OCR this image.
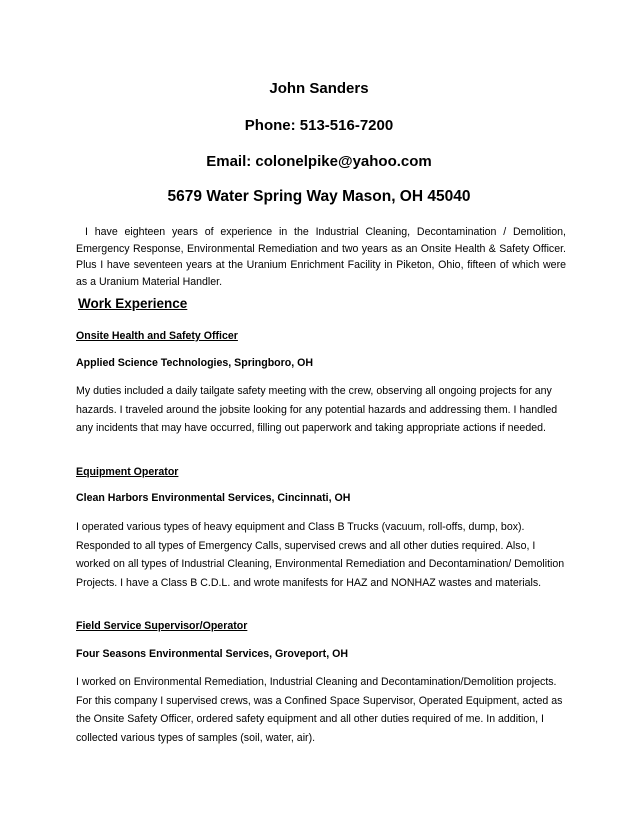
John Sanders
Phone: 513-516-7200
Email: colonelpike@yahoo.com
5679 Water Spring Way Mason, OH 45040
I have eighteen years of experience in the Industrial Cleaning, Decontamination / Demolition, Emergency Response, Environmental Remediation and two years as an Onsite Health & Safety Officer. Plus I have seventeen years at the Uranium Enrichment Facility in Piketon, Ohio, fifteen of which were as a Uranium Material Handler.
Work Experience
Onsite Health and Safety Officer
Applied Science Technologies, Springboro, OH
My duties included a daily tailgate safety meeting with the crew, observing all ongoing projects for any hazards. I traveled around the jobsite looking for any potential hazards and addressing them. I handled any incidents that may have occurred, filling out paperwork and taking appropriate actions if needed.
Equipment Operator
Clean Harbors Environmental Services, Cincinnati, OH
I operated various types of heavy equipment and Class B Trucks (vacuum, roll-offs, dump, box). Responded to all types of Emergency Calls, supervised crews and all other duties required. Also, I worked on all types of Industrial Cleaning, Environmental Remediation and Decontamination/ Demolition Projects. I have a Class B C.D.L. and wrote manifests for HAZ and NONHAZ wastes and materials.
Field Service Supervisor/Operator
Four Seasons Environmental Services, Groveport, OH
I worked on Environmental Remediation, Industrial Cleaning and Decontamination/Demolition projects. For this company I supervised crews, was a Confined Space Supervisor, Operated Equipment, acted as the Onsite Safety Officer, ordered safety equipment and all other duties required of me. In addition, I collected various types of samples (soil, water, air).
